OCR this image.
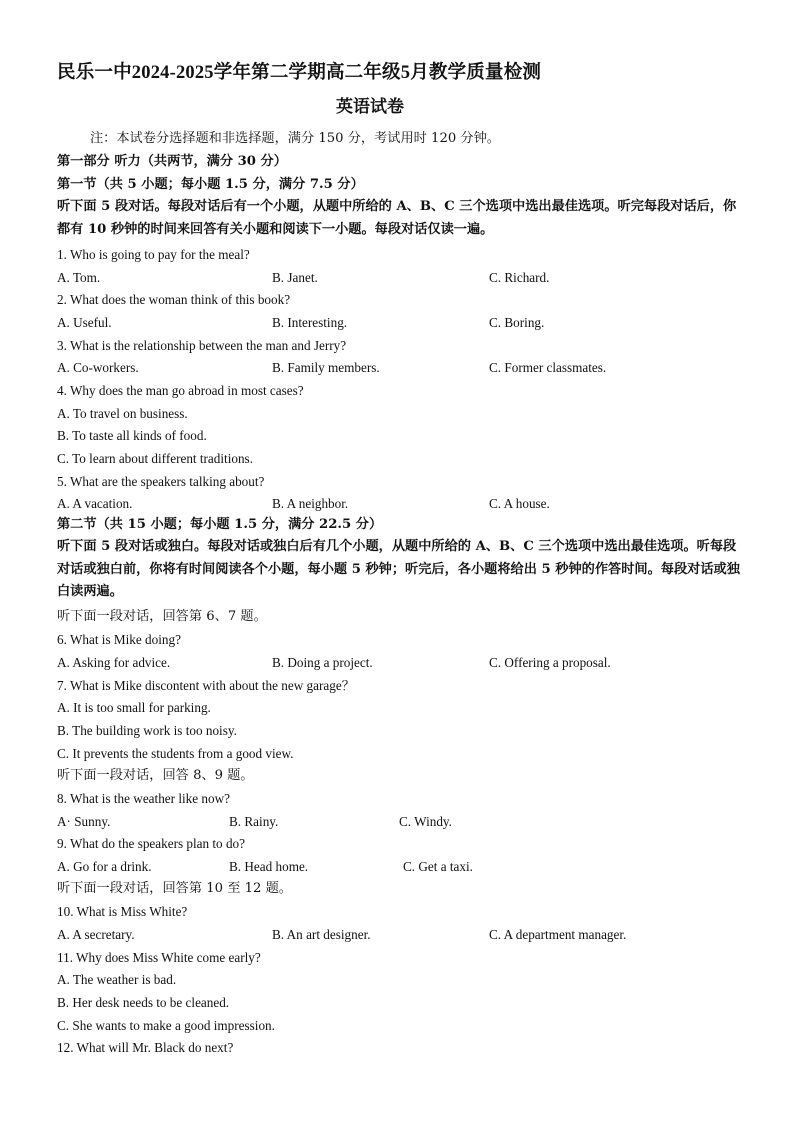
民乐一中2024-2025学年第二学期高二年级5月教学质量检测
英语试卷
注：本试卷分选择题和非选择题，满分 150 分，考试用时 120 分钟。
第一部分 听力（共两节，满分 30 分）
第一节（共 5 小题；每小题 1.5 分，满分 7.5 分）
听下面 5 段对话。每段对话后有一个小题，从题中所给的 A、B、C 三个选项中选出最佳选项。听完每段对话后，你都有 10 秒钟的时间来回答有关小题和阅读下一小题。每段对话仅读一遍。
1. Who is going to pay for the meal?
A. Tom.	B. Janet.	C. Richard.
2. What does the woman think of this book?
A. Useful.	B. Interesting.	C. Boring.
3. What is the relationship between the man and Jerry?
A. Co-workers.	B. Family members.	C. Former classmates.
4. Why does the man go abroad in most cases?
A. To travel on business.
B. To taste all kinds of food.
C. To learn about different traditions.
5. What are the speakers talking about?
A. A vacation.	B. A neighbor.	C. A house.
第二节（共 15 小题；每小题 1.5 分，满分 22.5 分）
听下面 5 段对话或独白。每段对话或独白后有几个小题，从题中所给的 A、B、C 三个选项中选出最佳选项。听每段对话或独白前，你将有时间阅读各个小题，每小题 5 秒钟；听完后，各小题将给出 5 秒钟的作答时间。每段对话或独白读两遍。
听下面一段对话，回答第 6、7 题。
6. What is Mike doing?
A. Asking for advice.	B. Doing a project.	C. Offering a proposal.
7. What is Mike discontent with about the new garage？
A. It is too small for parking.
B. The building work is too noisy.
C. It prevents the students from a good view.
听下面一段对话，回答 8、9 题。
8. What is the weather like now?
A· Sunny.	B. Rainy.	C. Windy.
9. What do the speakers plan to do?
A. Go for a drink.	B. Head home.	C. Get a taxi.
听下面一段对话，回答第 10 至 12 题。
10. What is Miss White?
A. A secretary.	B. An art designer.	C. A department manager.
11. Why does Miss White come early?
A. The weather is bad.
B. Her desk needs to be cleaned.
C. She wants to make a good impression.
12. What will Mr. Black do next?
